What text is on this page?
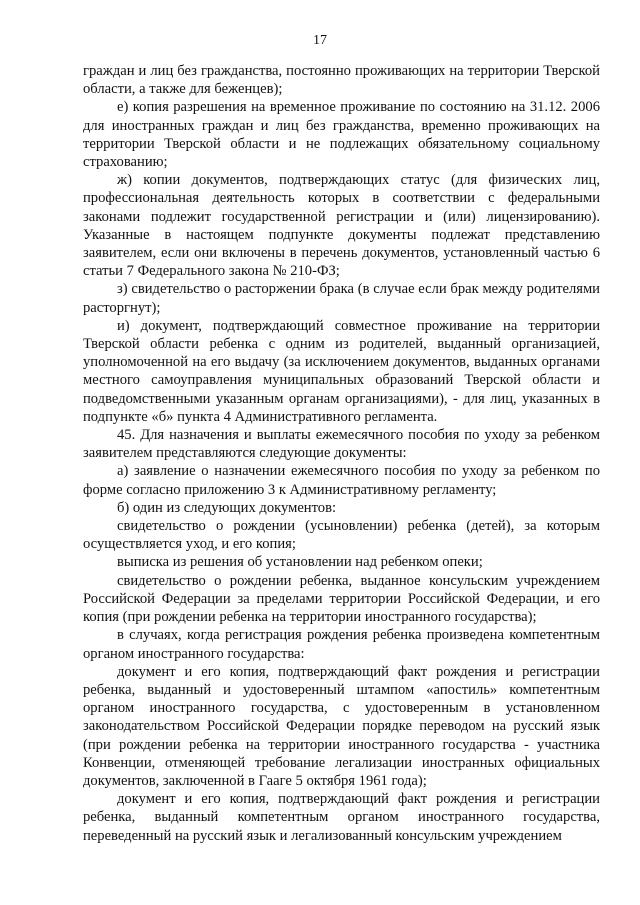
17

граждан и лиц без гражданства, постоянно проживающих на территории Тверской области, а также для беженцев);

е) копия разрешения на временное проживание по состоянию на 31.12. 2006 для иностранных граждан и лиц без гражданства, временно проживающих на территории Тверской области и не подлежащих обязательному социальному страхованию;

ж) копии документов, подтверждающих статус (для физических лиц, профессиональная деятельность которых в соответствии с федеральными законами подлежит государственной регистрации и (или) лицензированию). Указанные в настоящем подпункте документы подлежат представлению заявителем, если они включены в перечень документов, установленный частью 6 статьи 7 Федерального закона № 210-ФЗ;

з) свидетельство о расторжении брака (в случае если брак между родителями расторгнут);

и) документ, подтверждающий совместное проживание на территории Тверской области ребенка с одним из родителей, выданный организацией, уполномоченной на его выдачу (за исключением документов, выданных органами местного самоуправления муниципальных образований Тверской области и подведомственными указанным органам организациями), - для лиц, указанных в подпункте «б» пункта 4 Административного регламента.

45. Для назначения и выплаты ежемесячного пособия по уходу за ребенком заявителем представляются следующие документы:

а) заявление о назначении ежемесячного пособия по уходу за ребенком по форме согласно приложению 3 к Административному регламенту;

б) один из следующих документов:

свидетельство о рождении (усыновлении) ребенка (детей), за которым осуществляется уход, и его копия;

выписка из решения об установлении над ребенком опеки;

свидетельство о рождении ребенка, выданное консульским учреждением Российской Федерации за пределами территории Российской Федерации, и его копия (при рождении ребенка на территории иностранного государства);

в случаях, когда регистрация рождения ребенка произведена компетентным органом иностранного государства:

документ и его копия, подтверждающий факт рождения и регистрации ребенка, выданный и удостоверенный штампом «апостиль» компетентным органом иностранного государства, с удостоверенным в установленном законодательством Российской Федерации порядке переводом на русский язык (при рождении ребенка на территории иностранного государства - участника Конвенции, отменяющей требование легализации иностранных официальных документов, заключенной в Гааге 5 октября 1961 года);

документ и его копия, подтверждающий факт рождения и регистрации ребенка, выданный компетентным органом иностранного государства, переведенный на русский язык и легализованный консульским учреждением
